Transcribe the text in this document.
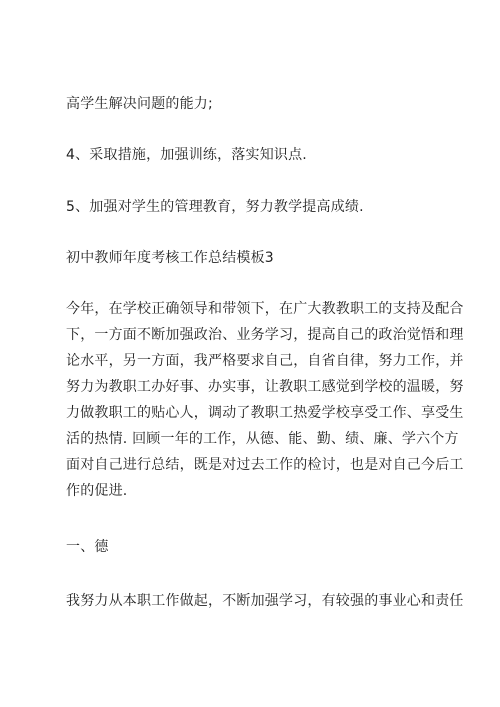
高学生解决问题的能力;
4、采取措施，加强训练，落实知识点.
5、加强对学生的管理教育，努力教学提高成绩.
初中教师年度考核工作总结模板3
今年，在学校正确领导和带领下，在广大教教职工的支持及配合
下，一方面不断加强政治、业务学习，提高自己的政治觉悟和理
论水平，另一方面，我严格要求自己，自省自律，努力工作，并
努力为教职工办好事、办实事，让教职工感觉到学校的温暖，努
力做教职工的贴心人，调动了教职工热爱学校享受工作、享受生
活的热情. 回顾一年的工作，从德、能、勤、绩、廉、学六个方
面对自己进行总结，既是对过去工作的检讨，也是对自己今后工
作的促进.
一、德
我努力从本职工作做起，不断加强学习，有较强的事业心和责任
